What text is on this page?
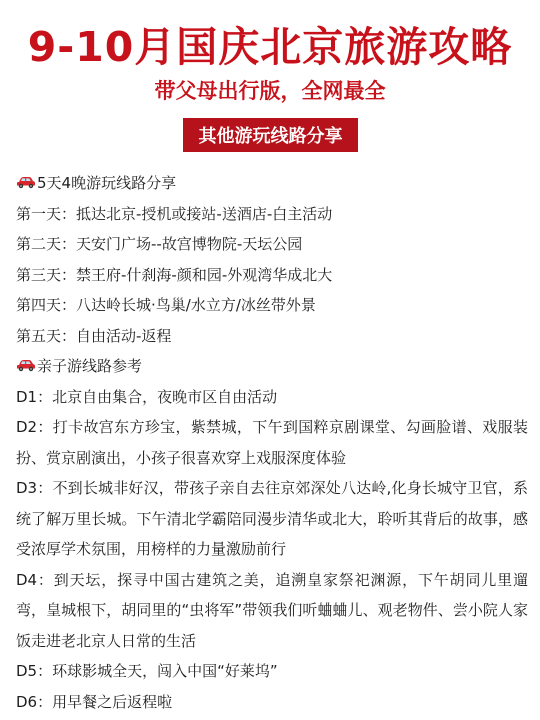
9-10月国庆北京旅游攻略
带父母出行版，全网最全
其他游玩线路分享
5天4晚游玩线路分享
第一天：抵达北京-授机或接站-送酒店-白主活动
第二天：天安门广场--故宫博物院-天坛公园
第三天：禁王府-什刹海-颜和园-外观湾华成北大
第四天：八达岭长城·鸟巢/水立方/冰丝带外景
第五天：自由活动-返程
亲子游线路参考
D1：北京自由集合，夜晚市区自由活动
D2：打卡故宫东方珍宝，紫禁城，下午到国粹京剧课堂、勾画脸谱、戏服装扮、赏京剧演出，小孩子很喜欢穿上戏服深度体验
D3：不到长城非好汉，带孩子亲自去往京郊深处八达岭,化身长城守卫官，系统了解万里长城。下午清北学霸陪同漫步清华或北大，聆听其背后的故事，感受浓厚学术氛围，用榜样的力量激励前行
D4：到天坛，探寻中国古建筑之美，追溯皇家祭祀渊源，下午胡同儿里遛弯，皇城根下，胡同里的“虫将军”带领我们听蛐蛐儿、观老物件、尝小院人家饭走进老北京人日常的生活
D5：环球影城全天，闯入中国“好莱坞”
D6：用早餐之后返程啦
